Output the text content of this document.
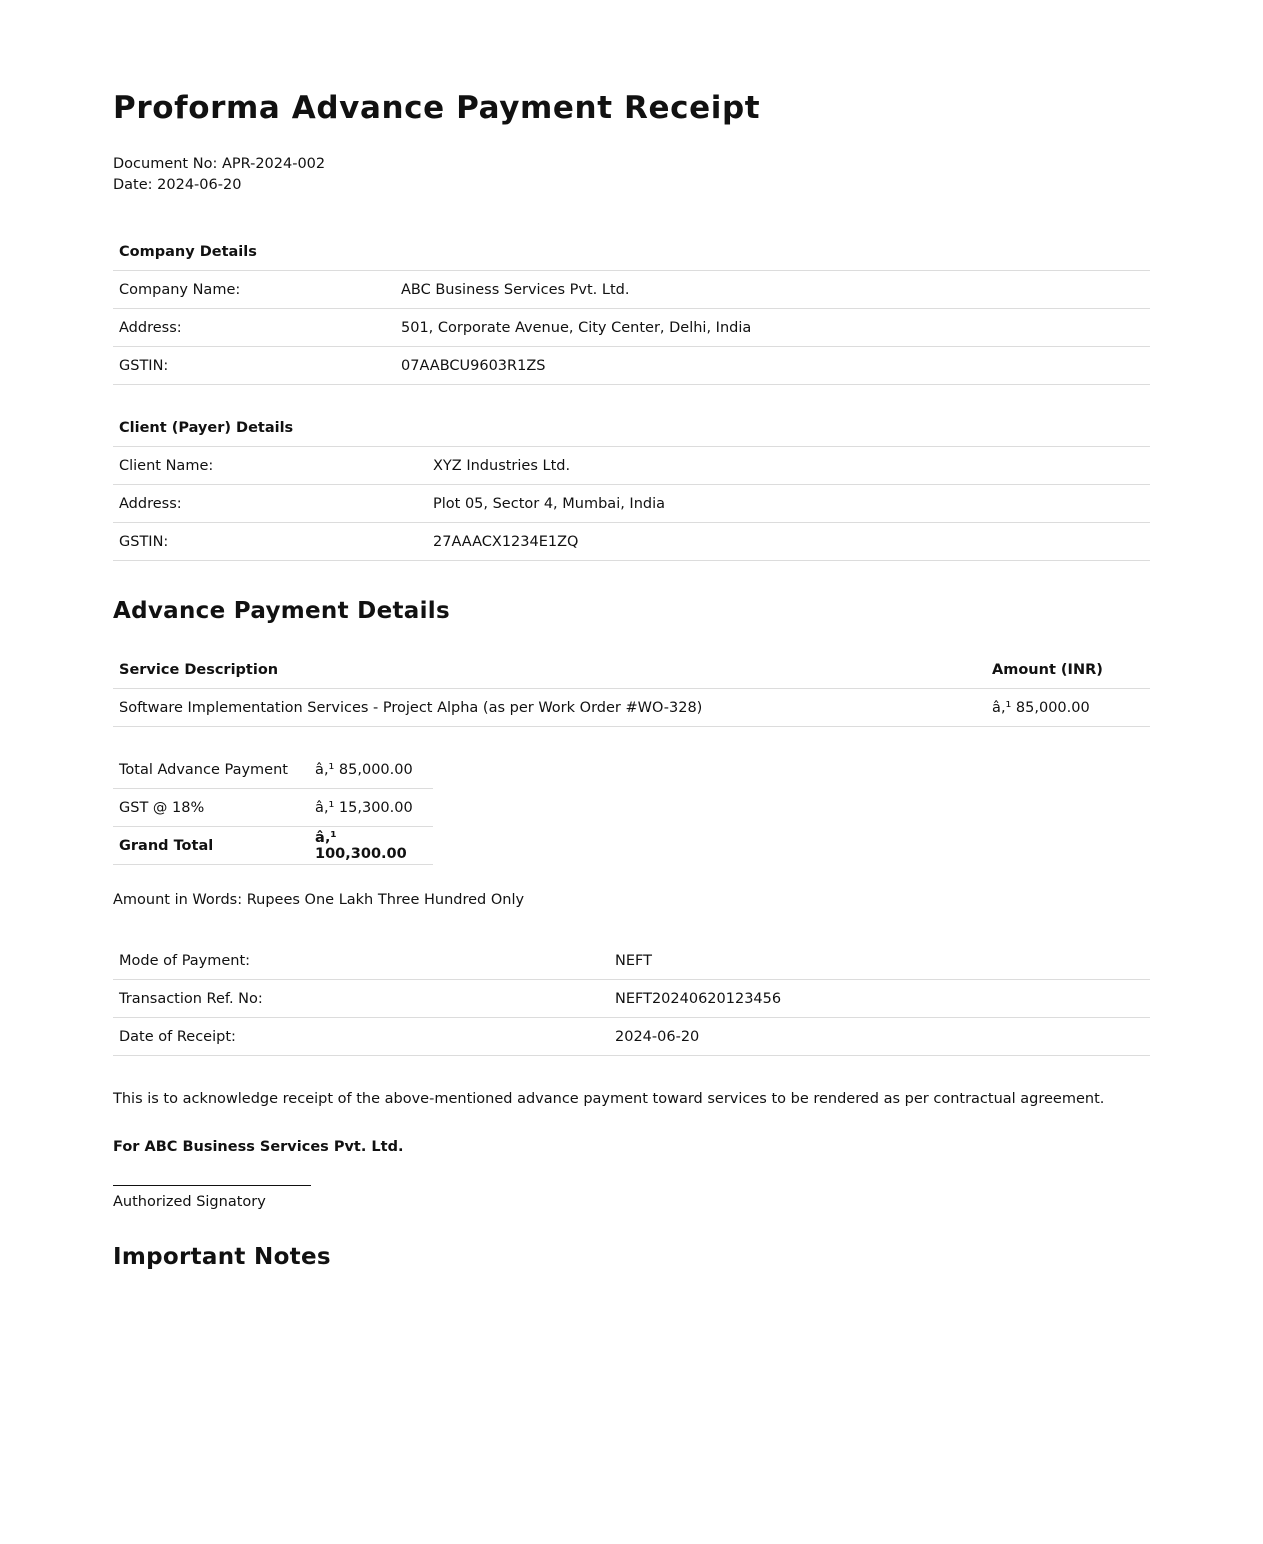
Proforma Advance Payment Receipt
Document No: APR-2024-002
Date: 2024-06-20
Company Details	
Company Name:	ABC Business Services Pvt. Ltd.
Address:	501, Corporate Avenue, City Center, Delhi, India
GSTIN:	07AABCU9603R1ZS
Client (Payer) Details	
Client Name:	XYZ Industries Ltd.
Address:	Plot 05, Sector 4, Mumbai, India
GSTIN:	27AAACX1234E1ZQ
Advance Payment Details
Service Description	Amount (INR)
Software Implementation Services - Project Alpha (as per Work Order #WO-328)	â‚¹ 85,000.00
Total Advance Payment	â‚¹ 85,000.00
GST @ 18%	â‚¹ 15,300.00
Grand Total	â‚¹ 100,300.00
Amount in Words: Rupees One Lakh Three Hundred Only
Mode of Payment:	NEFT
Transaction Ref. No:	NEFT20240620123456
Date of Receipt:	2024-06-20
This is to acknowledge receipt of the above-mentioned advance payment toward services to be rendered as per contractual agreement.
For ABC Business Services Pvt. Ltd.
Authorized Signatory
Important Notes
